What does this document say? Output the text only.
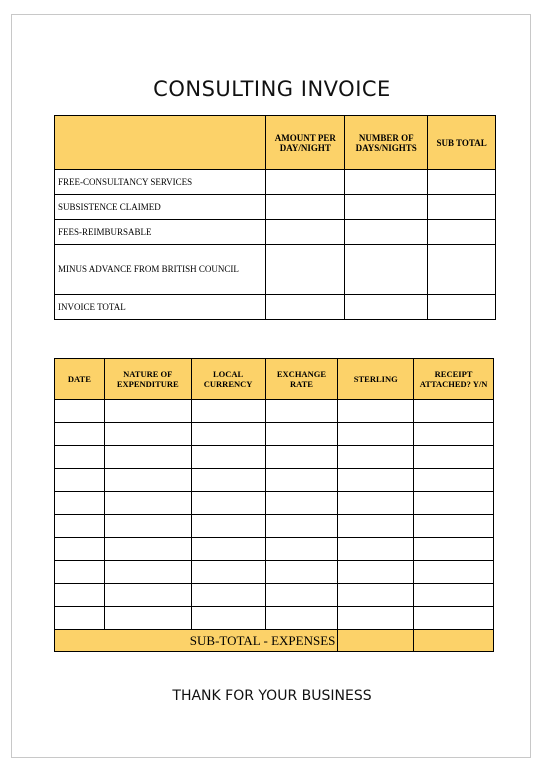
CONSULTING INVOICE
	AMOUNT PER DAY/NIGHT	NUMBER OF DAYS/NIGHTS	SUB TOTAL
FREE-CONSULTANCY SERVICES			
SUBSISTENCE CLAIMED			
FEES-REIMBURSABLE			
MINUS ADVANCE FROM BRITISH COUNCIL			
INVOICE TOTAL			
DATE	NATURE OF EXPENDITURE	LOCAL CURRENCY	EXCHANGE RATE	STERLING	RECEIPT ATTACHED? Y/N

SUB-TOTAL - EXPENSES					
THANK FOR YOUR BUSINESS
